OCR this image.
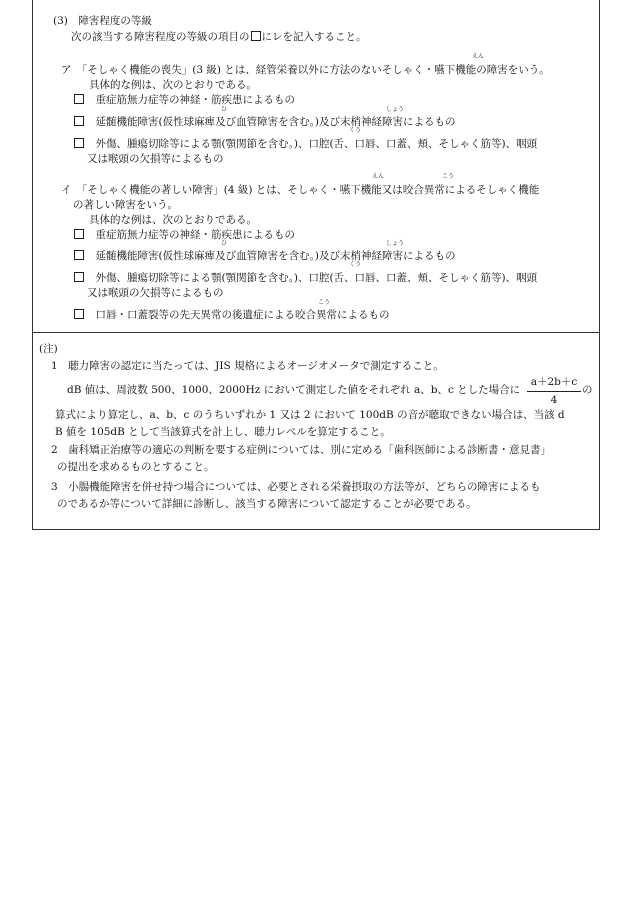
(3)　障害程度の等級
次の該当する障害程度の等級の項目の にレを記入すること。
えん
ア　「そしゃく機能の喪失」(3 級) とは、経管栄養以外に方法のないそしゃく・嚥下機能の障害をいう。
具体的な例は、次のとおりである。
　重症筋無力症等の神経・筋疾患によるもの
ひ	しょう
　延髄機能障害(仮性球麻痺及び血管障害を含む。)及び末梢神経障害によるもの
くう
　外傷、腫瘍切除等による顎(顎関節を含む。)、口腔(舌、口唇、口蓋、頬、そしゃく筋等)、咽頭
又は喉頭の欠損等によるもの
えん	こう
イ　「そしゃく機能の著しい障害」(4 級) とは、そしゃく・嚥下機能又は咬合異常によるそしゃく機能
の著しい障害をいう。
具体的な例は、次のとおりである。
　重症筋無力症等の神経・筋疾患によるもの
ひ	しょう
　延髄機能障害(仮性球麻痺及び血管障害を含む。)及び末梢神経障害によるもの
くう
　外傷、腫瘍切除等による顎(顎関節を含む。)、口腔(舌、口唇、口蓋、頬、そしゃく筋等)、咽頭
又は喉頭の欠損等によるもの
こう
　口唇・口蓋裂等の先天異常の後遺症による咬合異常によるもの
(注)
1　聴力障害の認定に当たっては、JIS 規格によるオージオメータで測定すること。
dB 値は、周波数 500、1000、2000Hz において測定した値をそれぞれ a、b、c とした場合に $\frac{a+2b+c}{4}$ の
算式により算定し、a、b、c のうちいずれか 1 又は 2 において 100dB の音が聴取できない場合は、当該 d
B 値を 105dB として当該算式を計上し、聴力レベルを算定すること。
2　歯科矯正治療等の適応の判断を要する症例については、別に定める「歯科医師による診断書・意見書」
の提出を求めるものとすること。
3　小腸機能障害を併せ持つ場合については、必要とされる栄養摂取の方法等が、どちらの障害によるも
のであるか等について詳細に診断し、該当する障害について認定することが必要である。
